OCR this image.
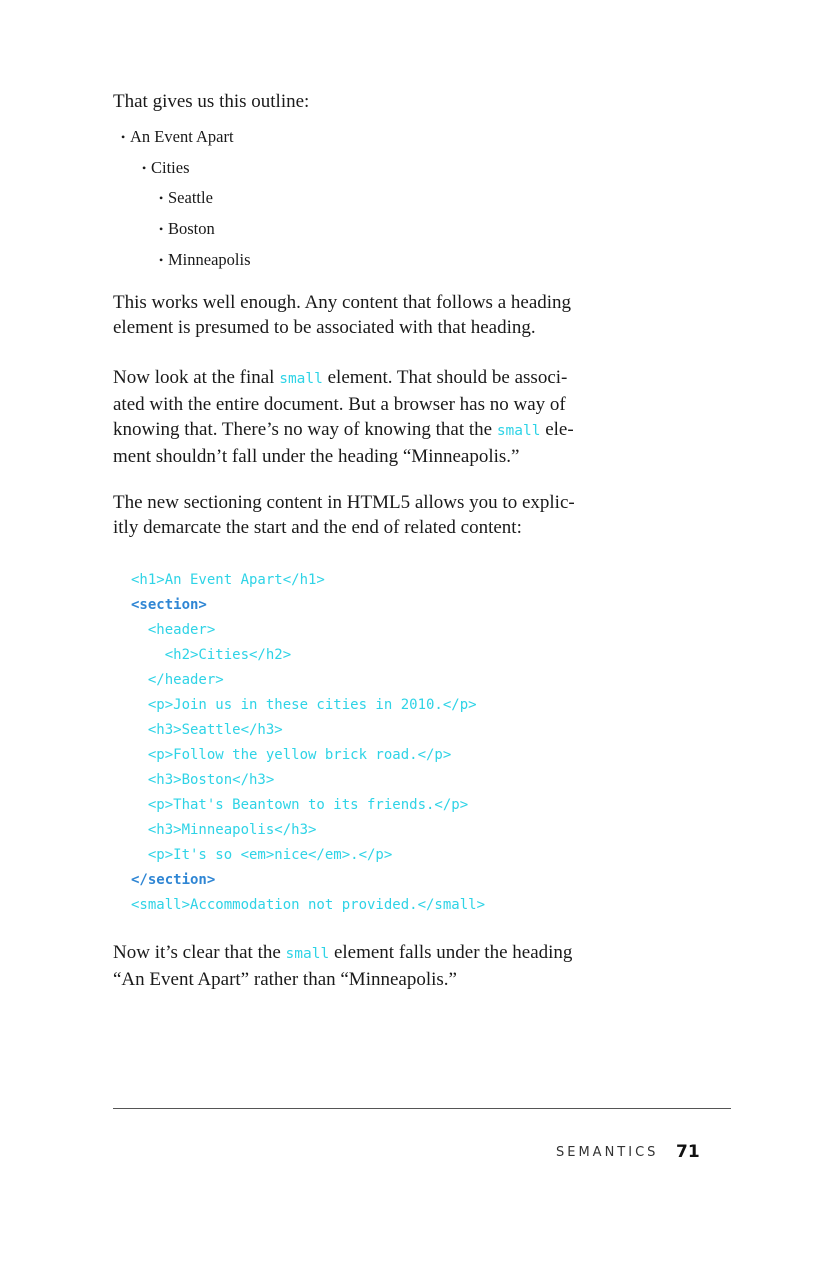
That gives us this outline:

• An Event Apart
• Cities
• Seattle
• Boston
• Minneapolis

This works well enough. Any content that follows a heading
element is presumed to be associated with that heading.

Now look at the final small element. That should be associ-
ated with the entire document. But a browser has no way of
knowing that. There’s no way of knowing that the small ele-
ment shouldn’t fall under the heading “Minneapolis.”

The new sectioning content in HTML5 allows you to explic-
itly demarcate the start and the end of related content:

<h1>An Event Apart</h1>
<section>
<header>
<h2>Cities</h2>
</header>
<p>Join us in these cities in 2010.</p>
<h3>Seattle</h3>
<p>Follow the yellow brick road.</p>
<h3>Boston</h3>
<p>That's Beantown to its friends.</p>
<h3>Minneapolis</h3>
<p>It's so <em>nice</em>.</p>
</section>
<small>Accommodation not provided.</small>

Now it’s clear that the small element falls under the heading
“An Event Apart” rather than “Minneapolis.”

SEMANTICS 71
